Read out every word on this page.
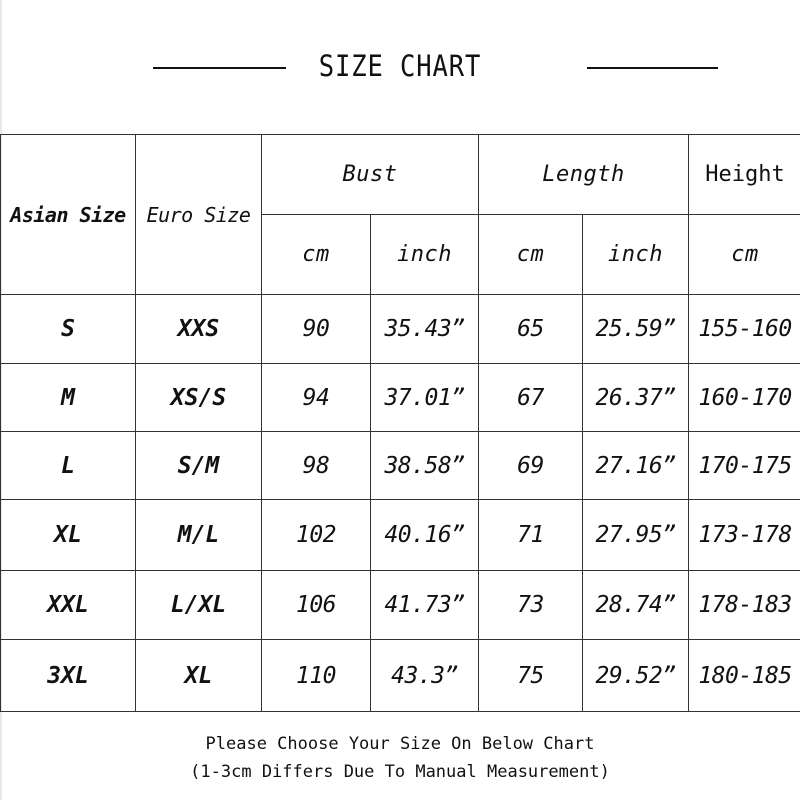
SIZE CHART
Asian Size	Euro Size	Bust		Length		Height
		cm	inch	cm	inch	cm
S	XXS	90	35.43”	65	25.59”	155-160
M	XS/S	94	37.01”	67	26.37”	160-170
L	S/M	98	38.58”	69	27.16”	170-175
XL	M/L	102	40.16”	71	27.95”	173-178
XXL	L/XL	106	41.73”	73	28.74”	178-183
3XL	XL	110	43.3”	75	29.52”	180-185
Please Choose Your Size On Below Chart
(1-3cm Differs Due To Manual Measurement)
